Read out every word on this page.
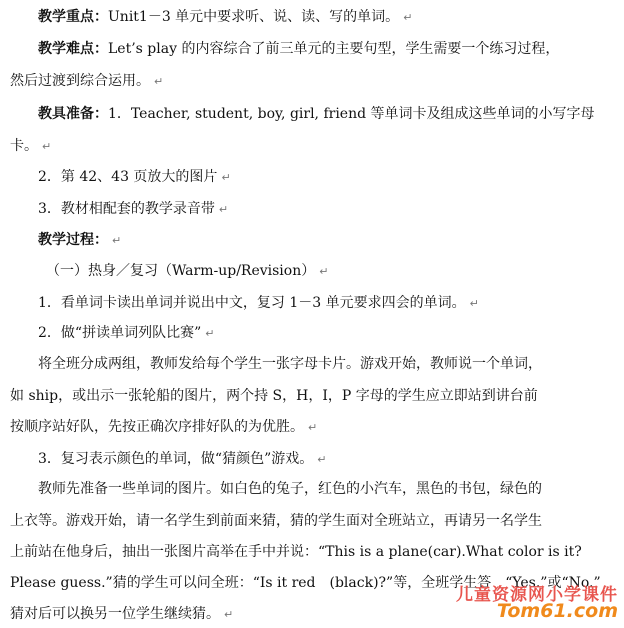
教学重点：Unit1－3 单元中要求听、说、读、写的单词。 ↵
教学难点：Let’s play 的内容综合了前三单元的主要句型，学生需要一个练习过程，
然后过渡到综合运用。 ↵
教具准备：1．Teacher, student, boy, girl, friend 等单词卡及组成这些单词的小写字母
卡。 ↵
2．第 42、43 页放大的图片 ↵
3．教材相配套的教学录音带 ↵
教学过程： ↵
（一）热身／复习（Warm-up/Revision） ↵
1．看单词卡读出单词并说出中文，复习 1－3 单元要求四会的单词。 ↵
2．做“拼读单词列队比赛” ↵
将全班分成两组，教师发给每个学生一张字母卡片。游戏开始，教师说一个单词，
如 ship，或出示一张轮船的图片，两个持 S，H，I，P 字母的学生应立即站到讲台前
按顺序站好队，先按正确次序排好队的为优胜。 ↵
3．复习表示颜色的单词，做“猜颜色”游戏。 ↵
教师先准备一些单词的图片。如白色的兔子，红色的小汽车，黑色的书包，绿色的
上衣等。游戏开始，请一名学生到前面来猜，猜的学生面对全班站立，再请另一名学生
上前站在他身后，抽出一张图片高举在手中并说：“This is a plane(car).What color is it?
Please guess.”猜的学生可以问全班：“Is it red　(black)?”等，全班学生答　“Yes.”或“No.”
猜对后可以换另一位学生继续猜。 ↵
儿童资源网小学课件
Tom61.com
